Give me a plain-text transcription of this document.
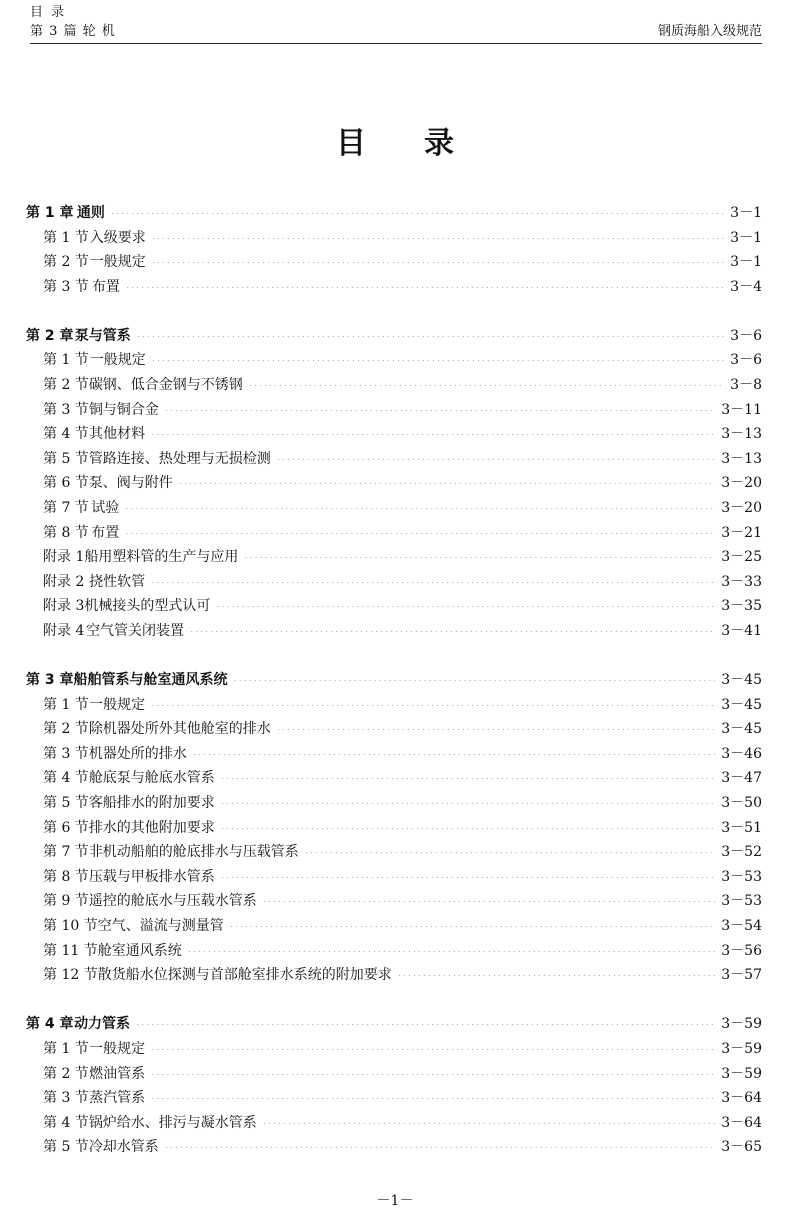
目 录
第 3 篇 轮 机	钢质海船入级规范
目 录
第 1 章 通则 ·····	3－1
第 1 节 入级要求 ·····	3－1
第 2 节 一般规定 ·····	3－1
第 3 节 布置 ·····	3－4
第 2 章 泵与管系 ·····	3－6
第 1 节 一般规定 ·····	3－6
第 2 节 碳钢、低合金钢与不锈钢 ·····	3－8
第 3 节 铜与铜合金 ·····	3－11
第 4 节 其他材料 ·····	3－13
第 5 节 管路连接、热处理与无损检测 ·····	3－13
第 6 节 泵、阀与附件 ·····	3－20
第 7 节 试验 ·····	3－20
第 8 节 布置 ·····	3－21
附录 1 船用塑料管的生产与应用 ·····	3－25
附录 2 挠性软管 ·····	3－33
附录 3 机械接头的型式认可 ·····	3－35
附录 4 空气管关闭装置 ·····	3－41
第 3 章 船舶管系与舱室通风系统 ·····	3－45
第 1 节 一般规定 ·····	3－45
第 2 节 除机器处所外其他舱室的排水 ·····	3－45
第 3 节 机器处所的排水 ·····	3－46
第 4 节 舱底泵与舱底水管系 ·····	3－47
第 5 节 客船排水的附加要求 ·····	3－50
第 6 节 排水的其他附加要求 ·····	3－51
第 7 节 非机动船舶的舱底排水与压载管系 ·····	3－52
第 8 节 压载与甲板排水管系 ·····	3－53
第 9 节 遥控的舱底水与压载水管系 ·····	3－53
第 10 节 空气、溢流与测量管 ·····	3－54
第 11 节 舱室通风系统 ·····	3－56
第 12 节 散货船水位探测与首部舱室排水系统的附加要求 ·····	3－57
第 4 章 动力管系 ·····	3－59
第 1 节 一般规定 ·····	3－59
第 2 节 燃油管系 ·····	3－59
第 3 节 蒸汽管系 ·····	3－64
第 4 节 锅炉给水、排污与凝水管系 ·····	3－64
第 5 节 冷却水管系 ·····	3－65
－1－
